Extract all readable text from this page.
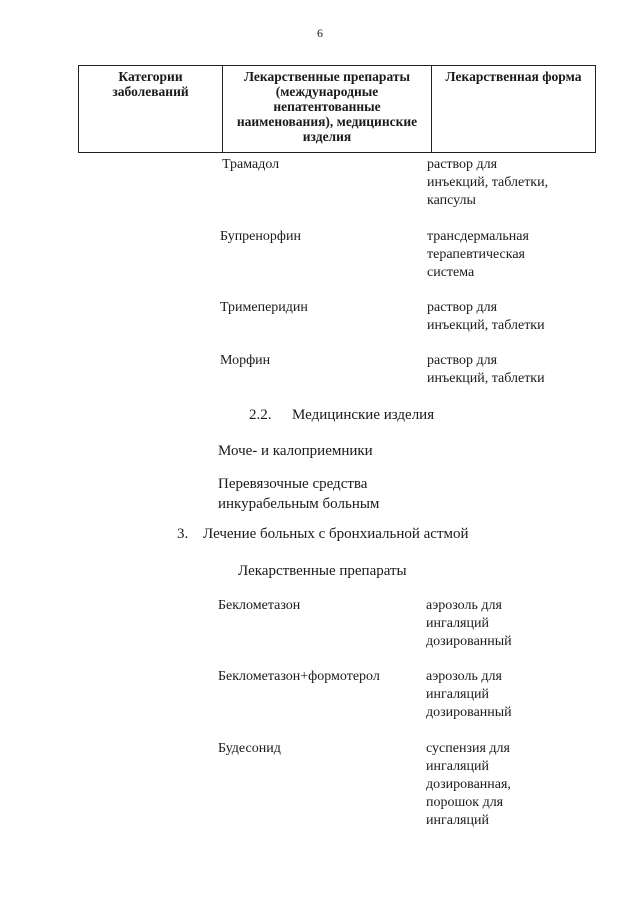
6
Категории заболеваний	Лекарственные препараты (международные непатентованные наименования), медицинские изделия	Лекарственная форма
Трамадол	раствор для
инъекций, таблетки,
капсулы
Бупренорфин	трансдермальная
терапевтическая
система
Тримеперидин	раствор для
инъекций, таблетки
Морфин	раствор для
инъекций, таблетки
2.2. Медицинские изделия
Моче- и калоприемники
Перевязочные средства
инкурабельным больным
3. Лечение больных с бронхиальной астмой
Лекарственные препараты
Беклометазон	аэрозоль для
ингаляций
дозированный
Беклометазон+формотерол	аэрозоль для
ингаляций
дозированный
Будесонид	суспензия для
ингаляций
дозированная,
порошок для
ингаляций
